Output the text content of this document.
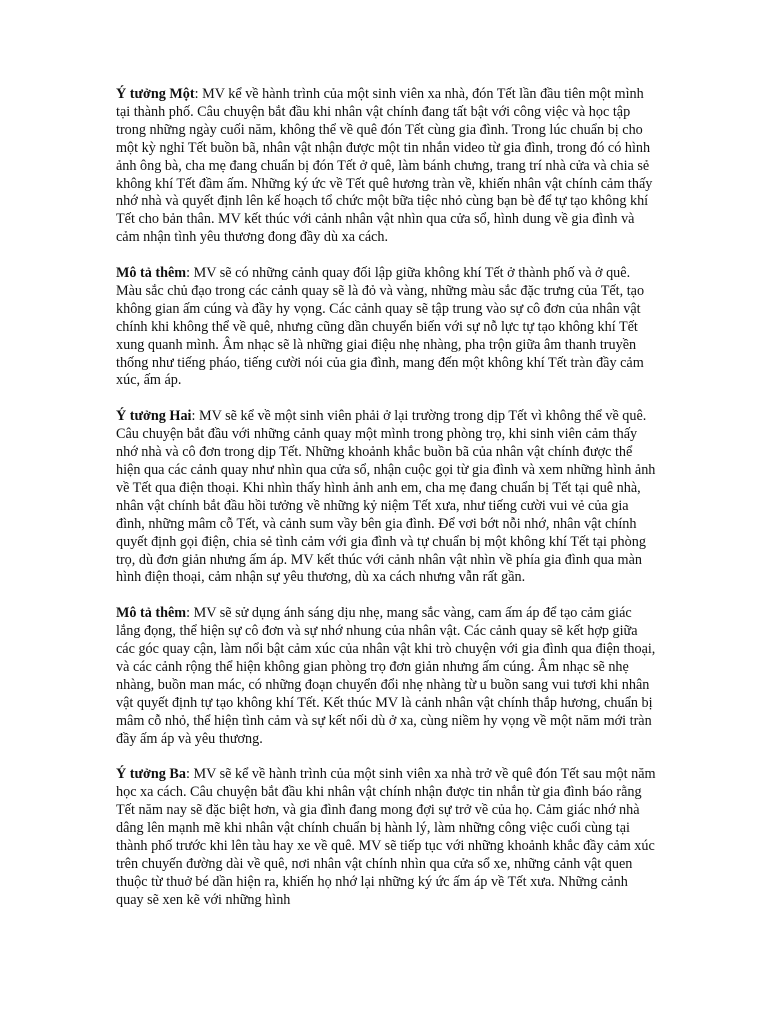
Ý tưởng Một: MV kể về hành trình của một sinh viên xa nhà, đón Tết lần đầu tiên một mình tại thành phố. Câu chuyện bắt đầu khi nhân vật chính đang tất bật với công việc và học tập trong những ngày cuối năm, không thể về quê đón Tết cùng gia đình. Trong lúc chuẩn bị cho một kỳ nghỉ Tết buồn bã, nhân vật nhận được một tin nhắn video từ gia đình, trong đó có hình ảnh ông bà, cha mẹ đang chuẩn bị đón Tết ở quê, làm bánh chưng, trang trí nhà cửa và chia sẻ không khí Tết đầm ấm. Những ký ức về Tết quê hương tràn về, khiến nhân vật chính cảm thấy nhớ nhà và quyết định lên kế hoạch tổ chức một bữa tiệc nhỏ cùng bạn bè để tự tạo không khí Tết cho bản thân. MV kết thúc với cảnh nhân vật nhìn qua cửa sổ, hình dung về gia đình và cảm nhận tình yêu thương đong đầy dù xa cách.

Mô tả thêm: MV sẽ có những cảnh quay đối lập giữa không khí Tết ở thành phố và ở quê. Màu sắc chủ đạo trong các cảnh quay sẽ là đỏ và vàng, những màu sắc đặc trưng của Tết, tạo không gian ấm cúng và đầy hy vọng. Các cảnh quay sẽ tập trung vào sự cô đơn của nhân vật chính khi không thể về quê, nhưng cũng dần chuyển biến với sự nỗ lực tự tạo không khí Tết xung quanh mình. Âm nhạc sẽ là những giai điệu nhẹ nhàng, pha trộn giữa âm thanh truyền thống như tiếng pháo, tiếng cười nói của gia đình, mang đến một không khí Tết tràn đầy cảm xúc, ấm áp.

Ý tưởng Hai: MV sẽ kể về một sinh viên phải ở lại trường trong dịp Tết vì không thể về quê. Câu chuyện bắt đầu với những cảnh quay một mình trong phòng trọ, khi sinh viên cảm thấy nhớ nhà và cô đơn trong dịp Tết. Những khoảnh khắc buồn bã của nhân vật chính được thể hiện qua các cảnh quay như nhìn qua cửa sổ, nhận cuộc gọi từ gia đình và xem những hình ảnh về Tết qua điện thoại. Khi nhìn thấy hình ảnh anh em, cha mẹ đang chuẩn bị Tết tại quê nhà, nhân vật chính bắt đầu hồi tưởng về những kỷ niệm Tết xưa, như tiếng cười vui vẻ của gia đình, những mâm cỗ Tết, và cảnh sum vầy bên gia đình. Để vơi bớt nỗi nhớ, nhân vật chính quyết định gọi điện, chia sẻ tình cảm với gia đình và tự chuẩn bị một không khí Tết tại phòng trọ, dù đơn giản nhưng ấm áp. MV kết thúc với cảnh nhân vật nhìn về phía gia đình qua màn hình điện thoại, cảm nhận sự yêu thương, dù xa cách nhưng vẫn rất gần.

Mô tả thêm: MV sẽ sử dụng ánh sáng dịu nhẹ, mang sắc vàng, cam ấm áp để tạo cảm giác lắng đọng, thể hiện sự cô đơn và sự nhớ nhung của nhân vật. Các cảnh quay sẽ kết hợp giữa các góc quay cận, làm nổi bật cảm xúc của nhân vật khi trò chuyện với gia đình qua điện thoại, và các cảnh rộng thể hiện không gian phòng trọ đơn giản nhưng ấm cúng. Âm nhạc sẽ nhẹ nhàng, buồn man mác, có những đoạn chuyển đổi nhẹ nhàng từ u buồn sang vui tươi khi nhân vật quyết định tự tạo không khí Tết. Kết thúc MV là cảnh nhân vật chính thắp hương, chuẩn bị mâm cỗ nhỏ, thể hiện tình cảm và sự kết nối dù ở xa, cùng niềm hy vọng về một năm mới tràn đầy ấm áp và yêu thương.

Ý tưởng Ba: MV sẽ kể về hành trình của một sinh viên xa nhà trở về quê đón Tết sau một năm học xa cách. Câu chuyện bắt đầu khi nhân vật chính nhận được tin nhắn từ gia đình báo rằng Tết năm nay sẽ đặc biệt hơn, và gia đình đang mong đợi sự trở về của họ. Cảm giác nhớ nhà dâng lên mạnh mẽ khi nhân vật chính chuẩn bị hành lý, làm những công việc cuối cùng tại thành phố trước khi lên tàu hay xe về quê. MV sẽ tiếp tục với những khoảnh khắc đầy cảm xúc trên chuyến đường dài về quê, nơi nhân vật chính nhìn qua cửa sổ xe, những cảnh vật quen thuộc từ thuở bé dần hiện ra, khiến họ nhớ lại những ký ức ấm áp về Tết xưa. Những cảnh quay sẽ xen kẽ với những hình
